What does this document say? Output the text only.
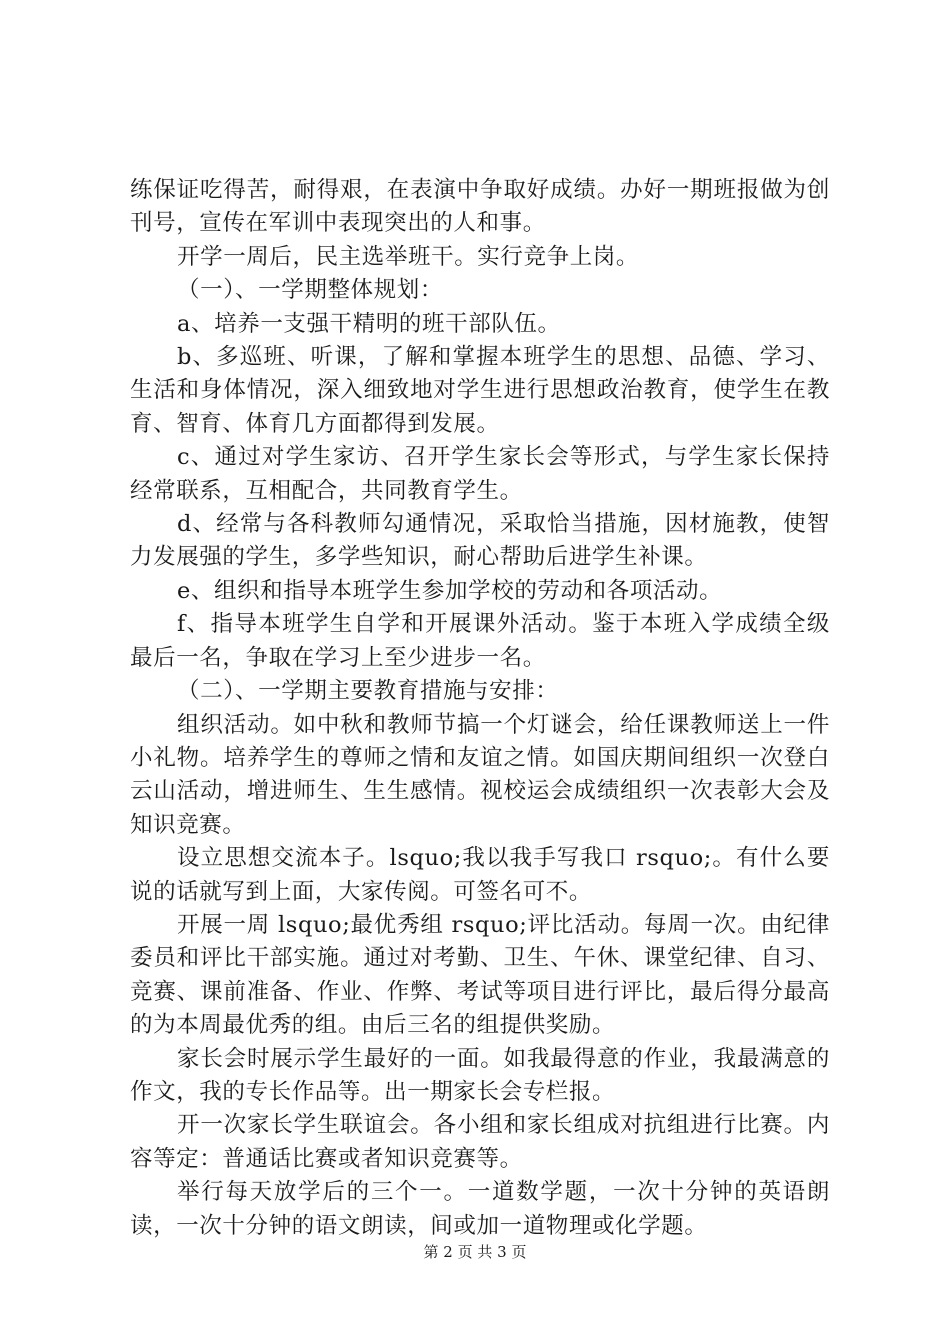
练保证吃得苦，耐得艰，在表演中争取好成绩。办好一期班报做为创刊号，宣传在军训中表现突出的人和事。

开学一周后，民主选举班干。实行竞争上岗。

（一）、一学期整体规划：

a、培养一支强干精明的班干部队伍。

b、多巡班、听课，了解和掌握本班学生的思想、品德、学习、生活和身体情况，深入细致地对学生进行思想政治教育，使学生在教育、智育、体育几方面都得到发展。

c、通过对学生家访、召开学生家长会等形式，与学生家长保持经常联系，互相配合，共同教育学生。

d、经常与各科教师勾通情况，采取恰当措施，因材施教，使智力发展强的学生，多学些知识，耐心帮助后进学生补课。

e、组织和指导本班学生参加学校的劳动和各项活动。

f、指导本班学生自学和开展课外活动。鉴于本班入学成绩全级最后一名，争取在学习上至少进步一名。

（二）、一学期主要教育措施与安排：

组织活动。如中秋和教师节搞一个灯谜会，给任课教师送上一件小礼物。培养学生的尊师之情和友谊之情。如国庆期间组织一次登白云山活动，增进师生、生生感情。视校运会成绩组织一次表彰大会及知识竞赛。

设立思想交流本子。lsquo;我以我手写我口 rsquo;。有什么要说的话就写到上面，大家传阅。可签名可不。

开展一周 lsquo;最优秀组 rsquo;评比活动。每周一次。由纪律委员和评比干部实施。通过对考勤、卫生、午休、课堂纪律、自习、竞赛、课前准备、作业、作弊、考试等项目进行评比，最后得分最高的为本周最优秀的组。由后三名的组提供奖励。

家长会时展示学生最好的一面。如我最得意的作业，我最满意的作文，我的专长作品等。出一期家长会专栏报。

开一次家长学生联谊会。各小组和家长组成对抗组进行比赛。内容等定：普通话比赛或者知识竞赛等。

举行每天放学后的三个一。一道数学题，一次十分钟的英语朗读，一次十分钟的语文朗读，间或加一道物理或化学题。

第 2 页 共 3 页
